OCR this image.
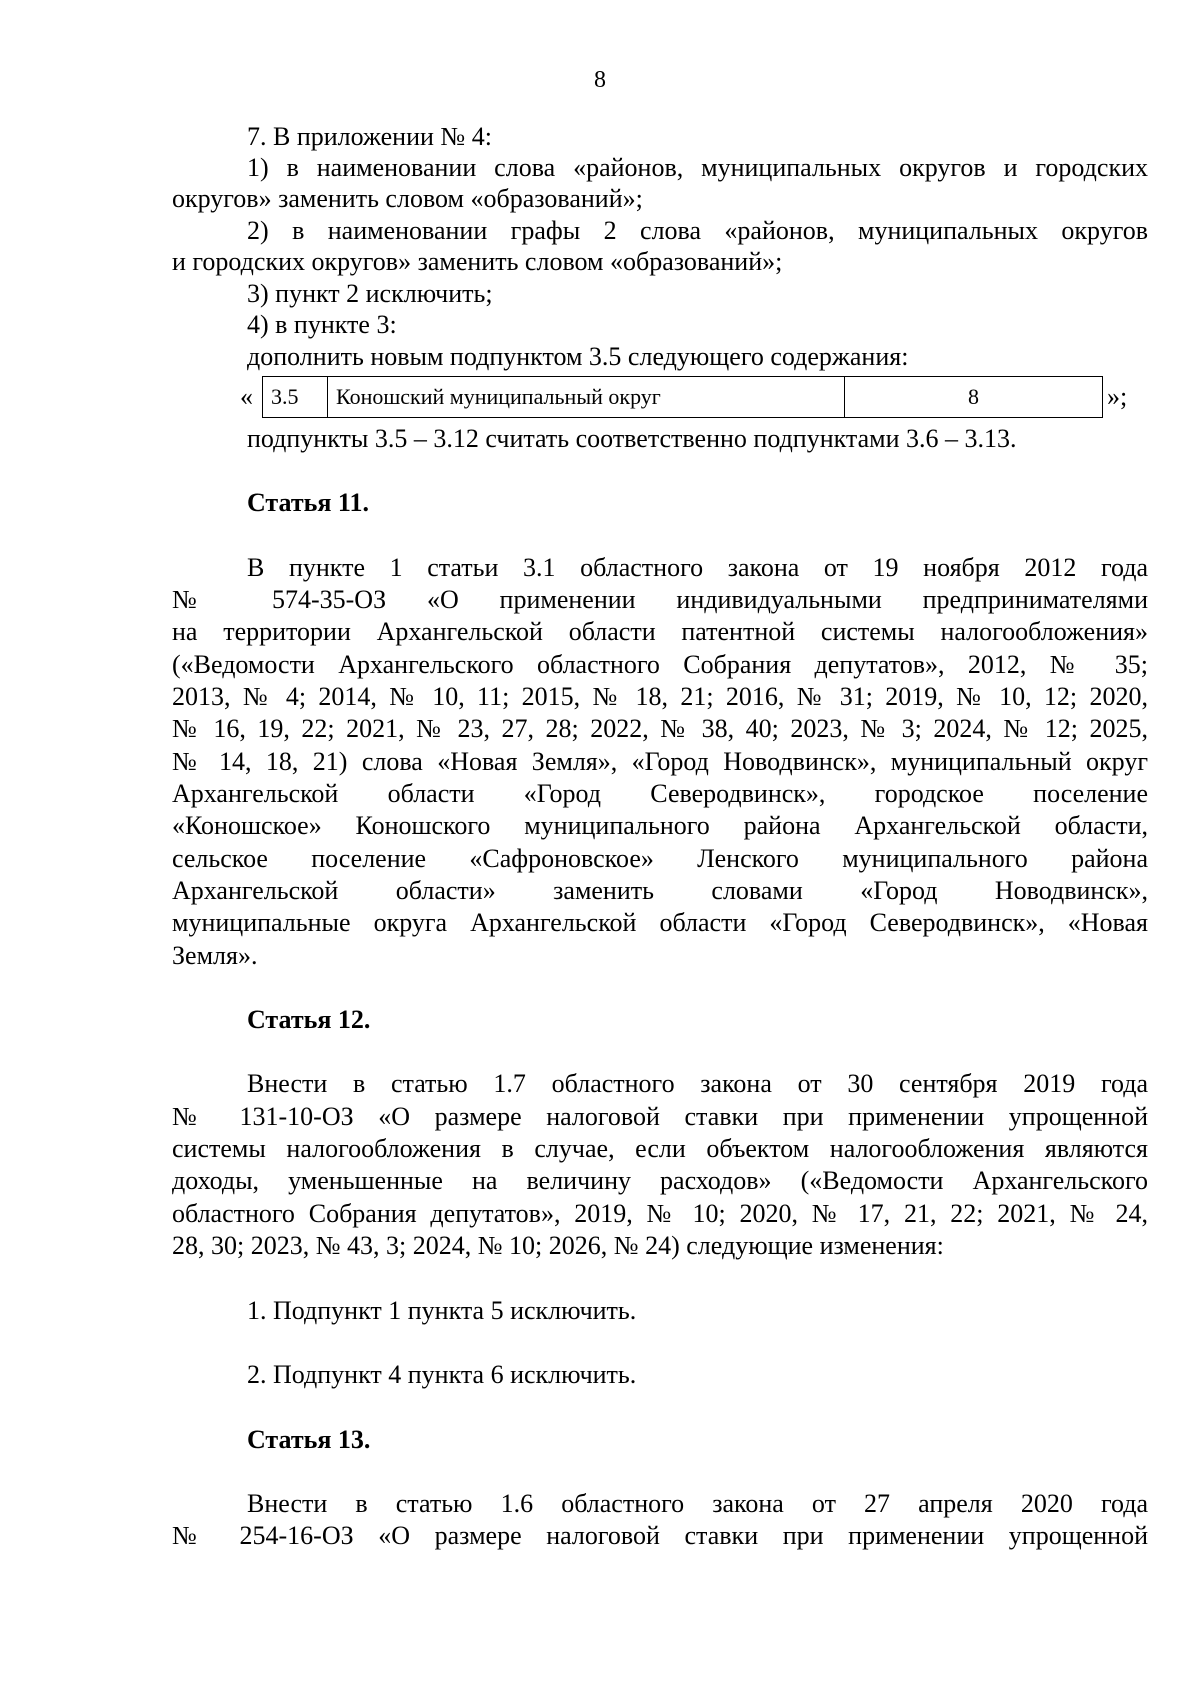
8
7. В приложении № 4:
1) в наименовании слова «районов, муниципальных округов и городских
округов» заменить словом «образований»;
2) в наименовании графы 2 слова «районов, муниципальных округов
и городских округов» заменить словом «образований»;
3) пункт 2 исключить;
4) в пункте 3:
дополнить новым подпунктом 3.5 следующего содержания:
« 3.5	Коношский муниципальный округ	8	»;
подпункты 3.5 – 3.12 считать соответственно подпунктами 3.6 – 3.13.
Статья 11.
В пункте 1 статьи 3.1 областного закона от 19 ноября 2012 года
№ 574-35-ОЗ «О применении индивидуальными предпринимателями
на территории Архангельской области патентной системы налогообложения»
(«Ведомости Архангельского областного Собрания депутатов», 2012, № 35;
2013, № 4; 2014, № 10, 11; 2015, № 18, 21; 2016, № 31; 2019, № 10, 12; 2020,
№ 16, 19, 22; 2021, № 23, 27, 28; 2022, № 38, 40; 2023, № 3; 2024, № 12; 2025,
№ 14, 18, 21) слова «Новая Земля», «Город Новодвинск», муниципальный округ
Архангельской области «Город Северодвинск», городское поселение
«Коношское» Коношского муниципального района Архангельской области,
сельское поселение «Сафроновское» Ленского муниципального района
Архангельской области» заменить словами «Город Новодвинск»,
муниципальные округа Архангельской области «Город Северодвинск», «Новая
Земля».
Статья 12.
Внести в статью 1.7 областного закона от 30 сентября 2019 года
№ 131-10-ОЗ «О размере налоговой ставки при применении упрощенной
системы налогообложения в случае, если объектом налогообложения являются
доходы, уменьшенные на величину расходов» («Ведомости Архангельского
областного Собрания депутатов», 2019, № 10; 2020, № 17, 21, 22; 2021, № 24,
28, 30; 2023, № 43, 3; 2024, № 10; 2026, № 24) следующие изменения:
1. Подпункт 1 пункта 5 исключить.
2. Подпункт 4 пункта 6 исключить.
Статья 13.
Внести в статью 1.6 областного закона от 27 апреля 2020 года
№ 254-16-ОЗ «О размере налоговой ставки при применении упрощенной
